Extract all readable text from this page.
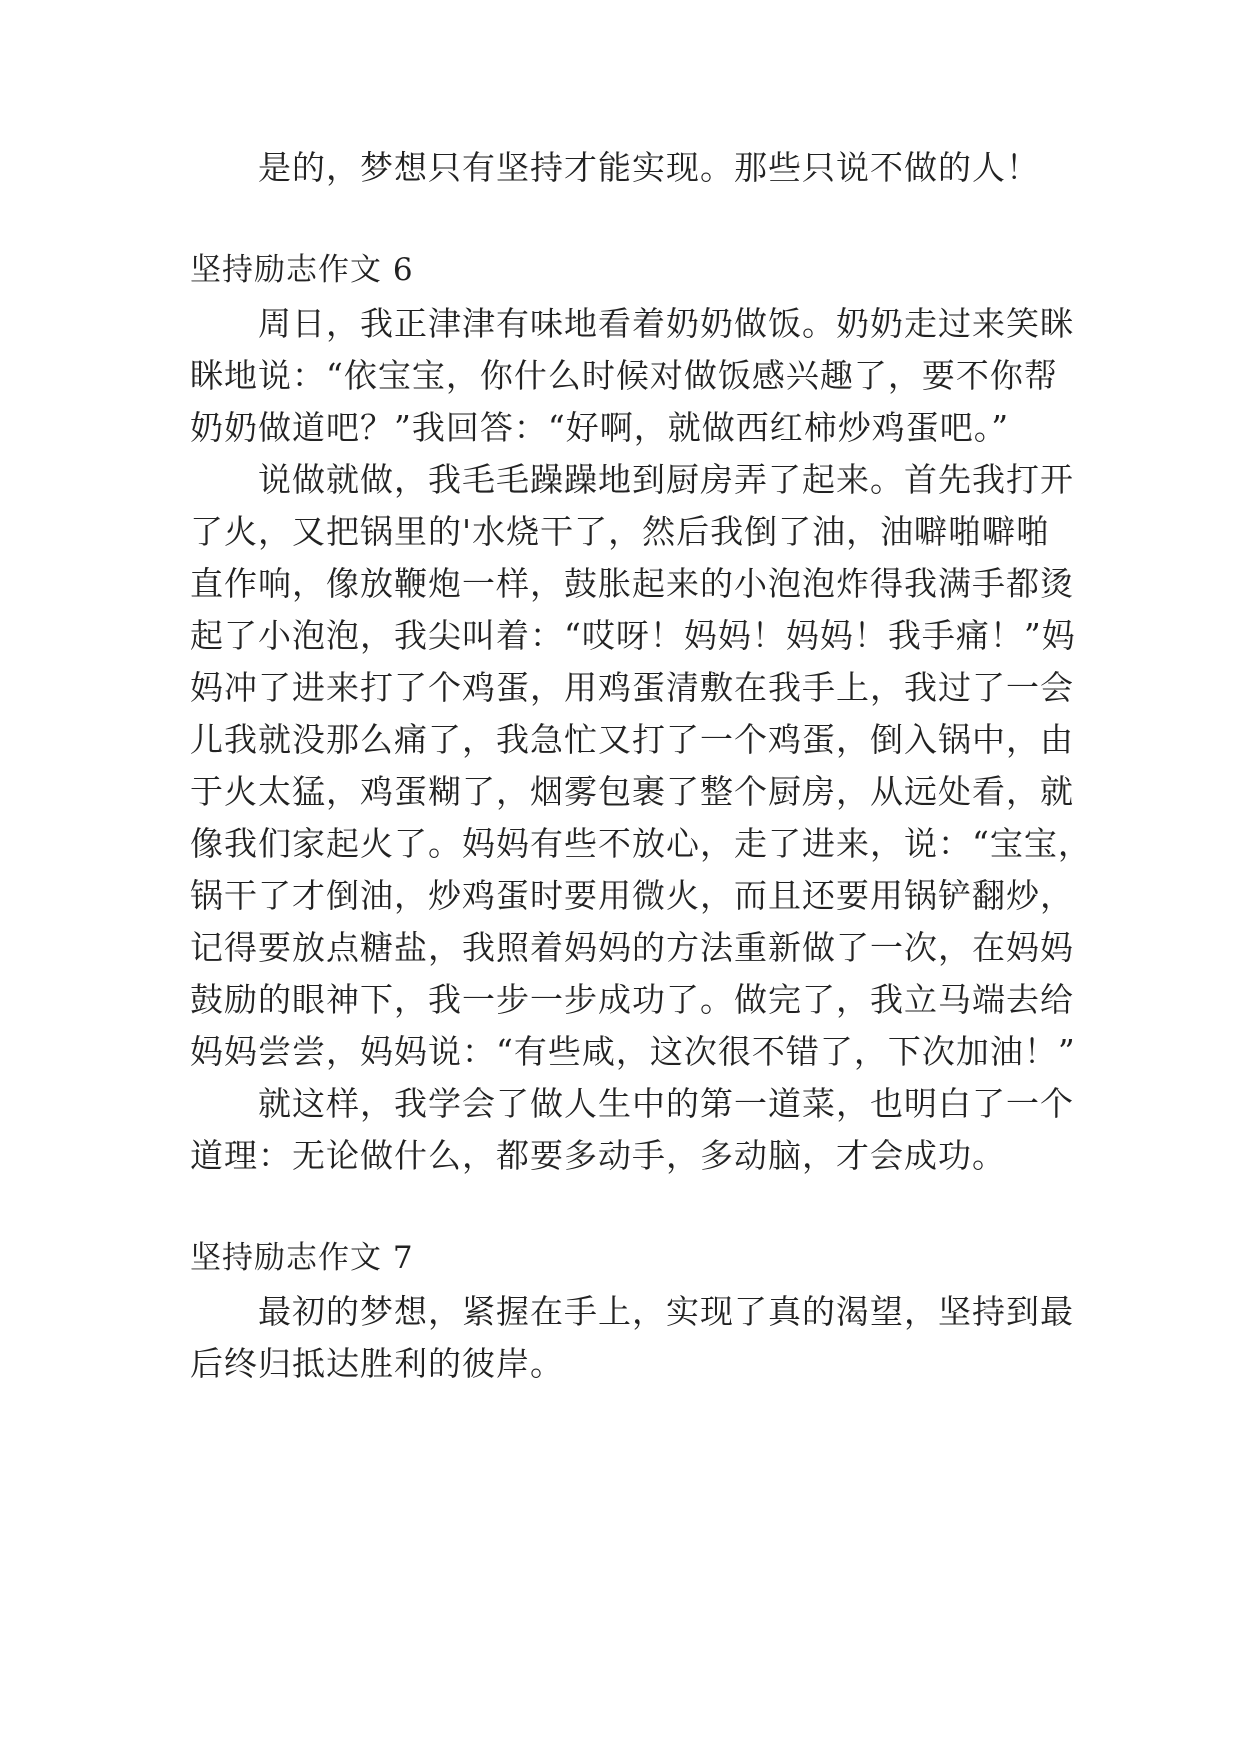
是的，梦想只有坚持才能实现。那些只说不做的人！
坚持励志作文 6
周日，我正津津有味地看着奶奶做饭。奶奶走过来笑眯
眯地说：“依宝宝，你什么时候对做饭感兴趣了，要不你帮
奶奶做道吧？”我回答：“好啊，就做西红柿炒鸡蛋吧。”
说做就做，我毛毛躁躁地到厨房弄了起来。首先我打开
了火，又把锅里的'水烧干了，然后我倒了油，油噼啪噼啪
直作响，像放鞭炮一样，鼓胀起来的小泡泡炸得我满手都烫
起了小泡泡，我尖叫着：“哎呀！妈妈！妈妈！我手痛！”妈
妈冲了进来打了个鸡蛋，用鸡蛋清敷在我手上，我过了一会
儿我就没那么痛了，我急忙又打了一个鸡蛋，倒入锅中，由
于火太猛，鸡蛋糊了，烟雾包裹了整个厨房，从远处看，就
像我们家起火了。妈妈有些不放心，走了进来，说：“宝宝，
锅干了才倒油，炒鸡蛋时要用微火，而且还要用锅铲翻炒，
记得要放点糖盐，我照着妈妈的方法重新做了一次，在妈妈
鼓励的眼神下，我一步一步成功了。做完了，我立马端去给
妈妈尝尝，妈妈说：“有些咸，这次很不错了，下次加油！”
就这样，我学会了做人生中的第一道菜，也明白了一个
道理：无论做什么，都要多动手，多动脑，才会成功。
坚持励志作文 7
最初的梦想，紧握在手上，实现了真的渴望，坚持到最
后终归抵达胜利的彼岸。
